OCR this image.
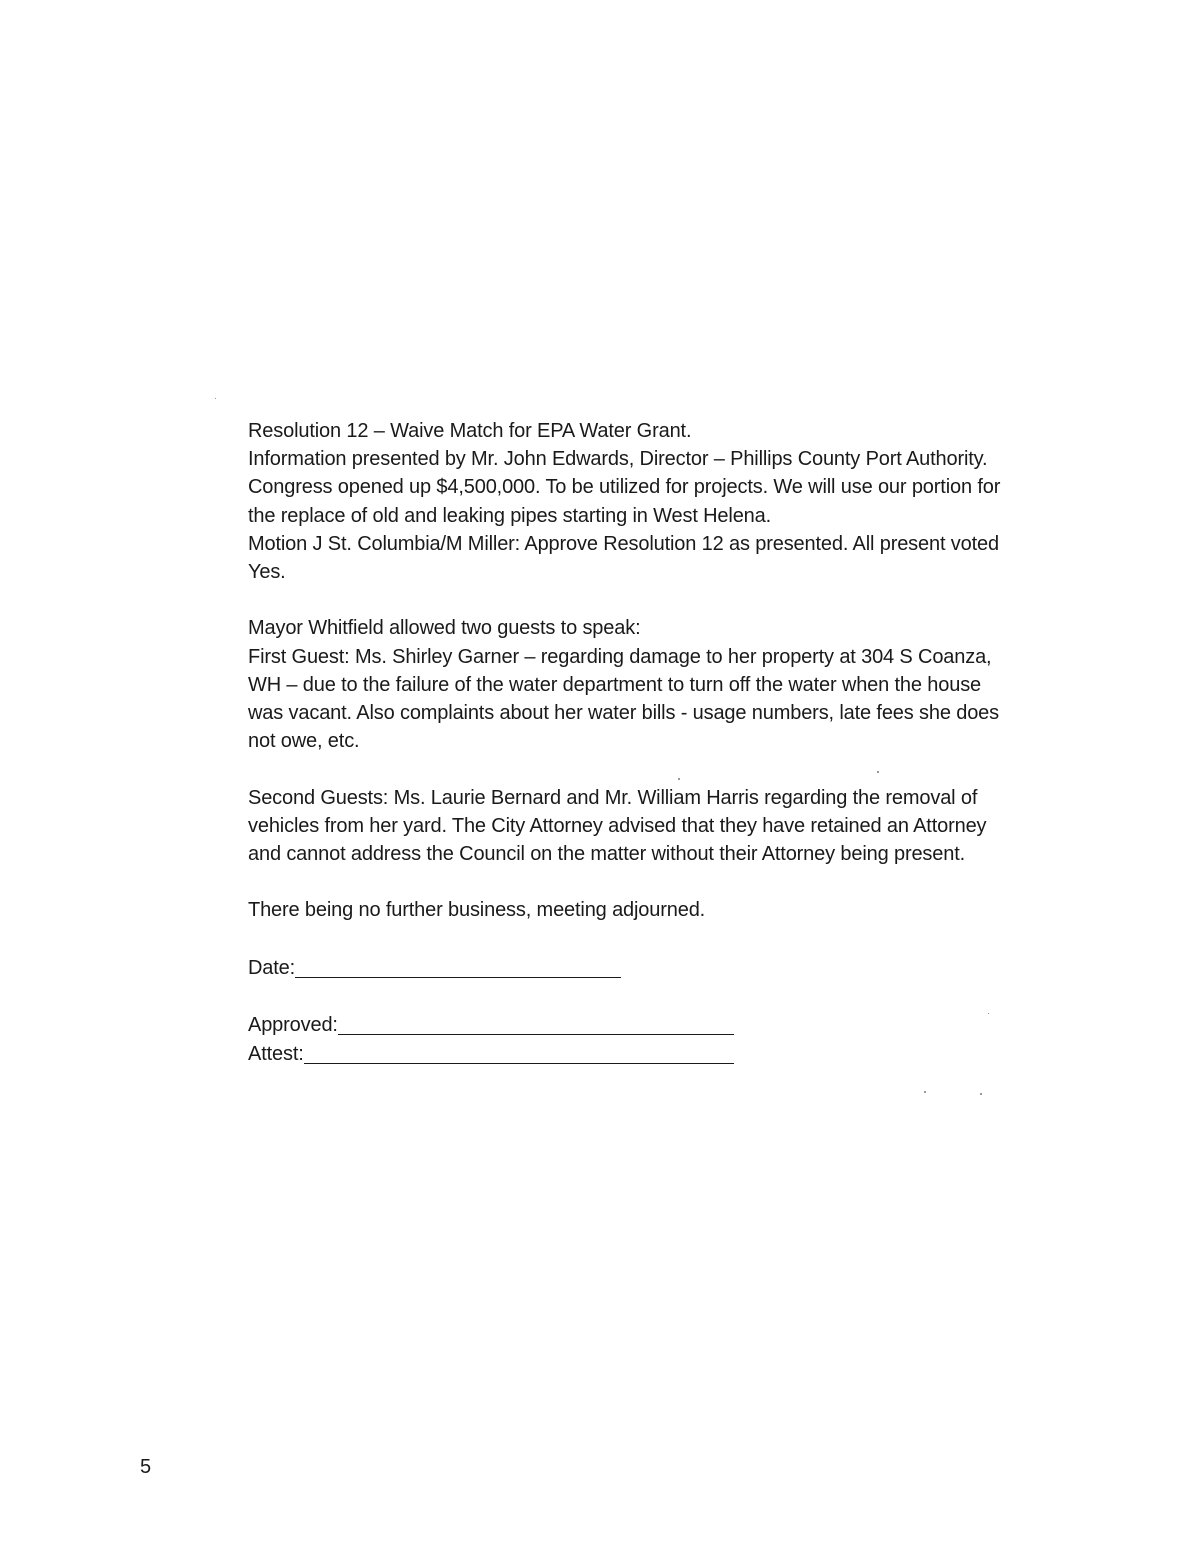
Resolution 12 – Waive Match for EPA Water Grant.

Information presented by Mr. John Edwards, Director – Phillips County Port Authority. Congress opened up $4,500,000. To be utilized for projects. We will use our portion for the replace of old and leaking pipes starting in West Helena.

Motion J St. Columbia/M Miller: Approve Resolution 12 as presented. All present voted Yes.

Mayor Whitfield allowed two guests to speak:

First Guest: Ms. Shirley Garner – regarding damage to her property at 304 S Coanza, WH – due to the failure of the water department to turn off the water when the house was vacant. Also complaints about her water bills - usage numbers, late fees she does not owe, etc.

Second Guests: Ms. Laurie Bernard and Mr. William Harris regarding the removal of vehicles from her yard. The City Attorney advised that they have retained an Attorney and cannot address the Council on the matter without their Attorney being present.

There being no further business, meeting adjourned.

Date:
Approved:
Attest:
5
